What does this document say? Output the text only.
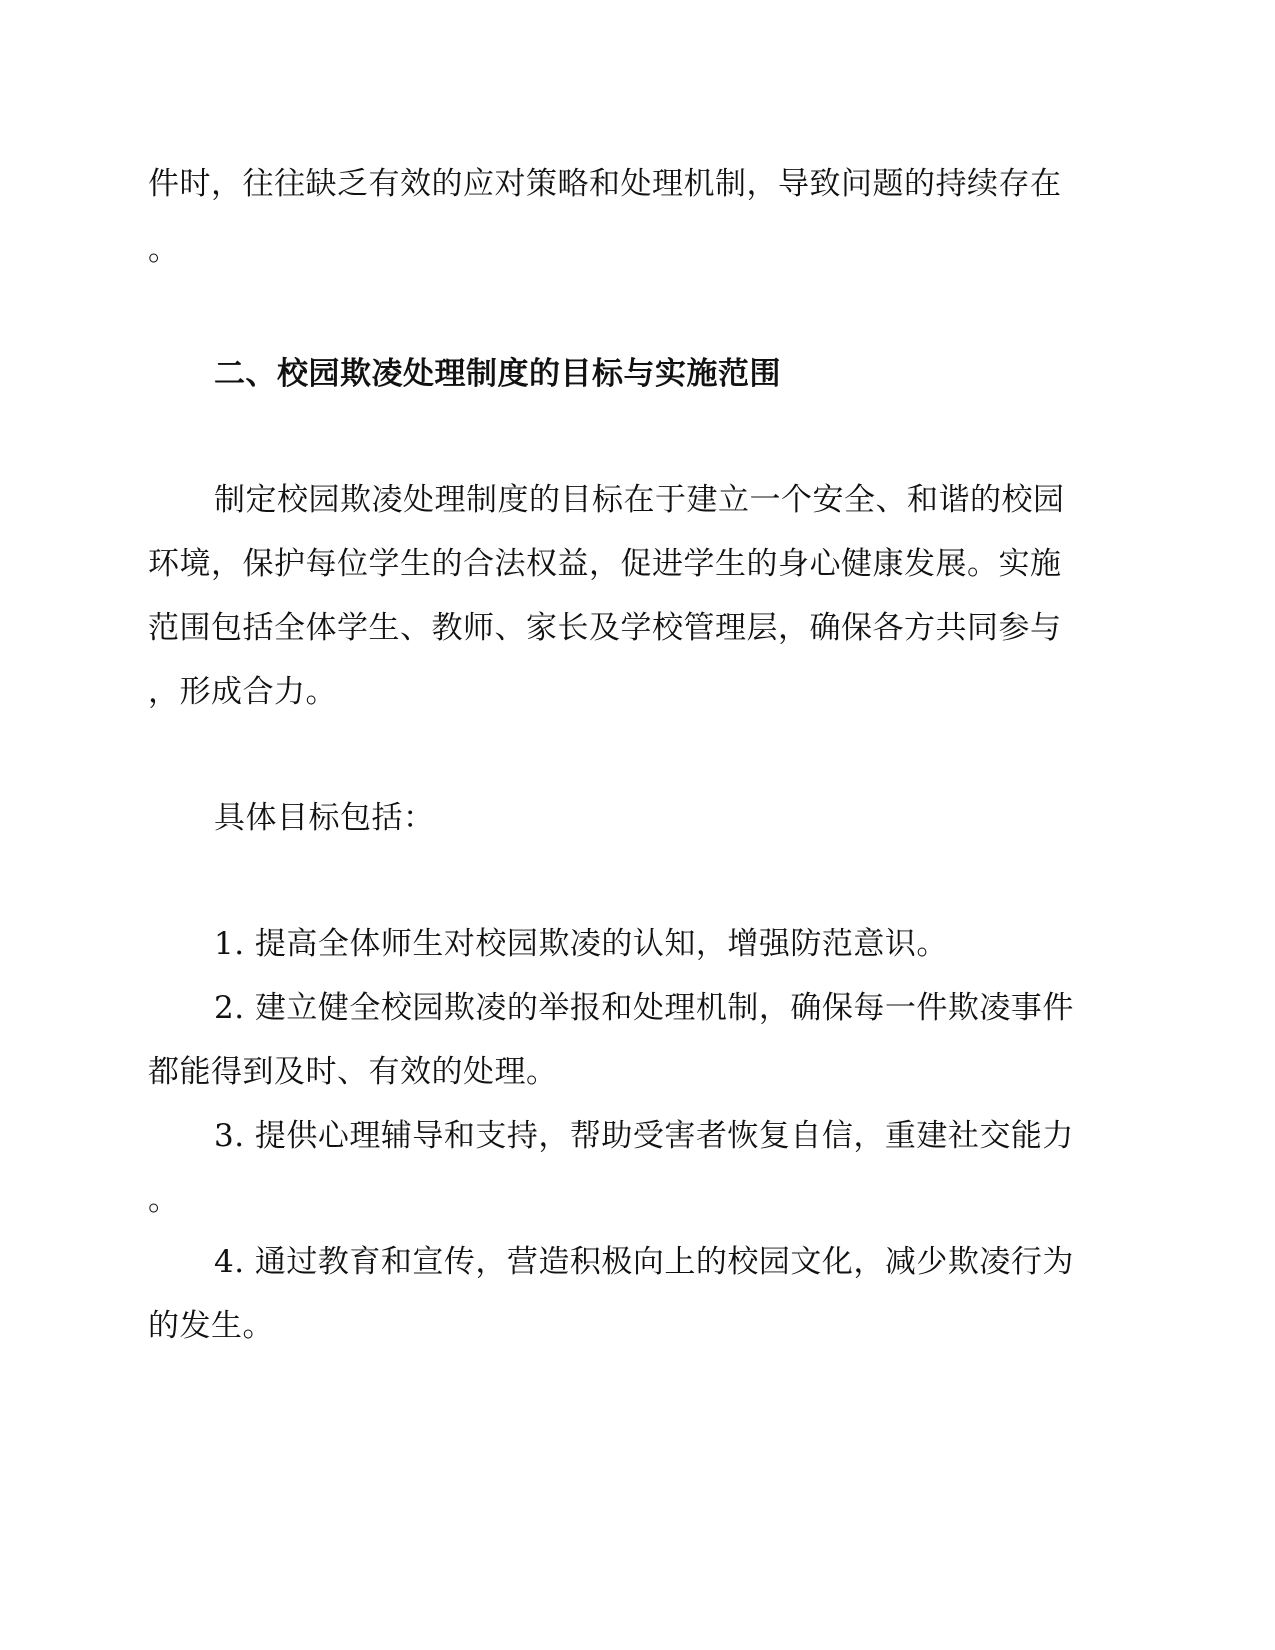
件时，往往缺乏有效的应对策略和处理机制，导致问题的持续存在
。
二、校园欺凌处理制度的目标与实施范围
制定校园欺凌处理制度的目标在于建立一个安全、和谐的校园
环境，保护每位学生的合法权益，促进学生的身心健康发展。实施
范围包括全体学生、教师、家长及学校管理层，确保各方共同参与
，形成合力。
具体目标包括：
1. 提高全体师生对校园欺凌的认知，增强防范意识。
2. 建立健全校园欺凌的举报和处理机制，确保每一件欺凌事件
都能得到及时、有效的处理。
3. 提供心理辅导和支持，帮助受害者恢复自信，重建社交能力
。
4. 通过教育和宣传，营造积极向上的校园文化，减少欺凌行为
的发生。
